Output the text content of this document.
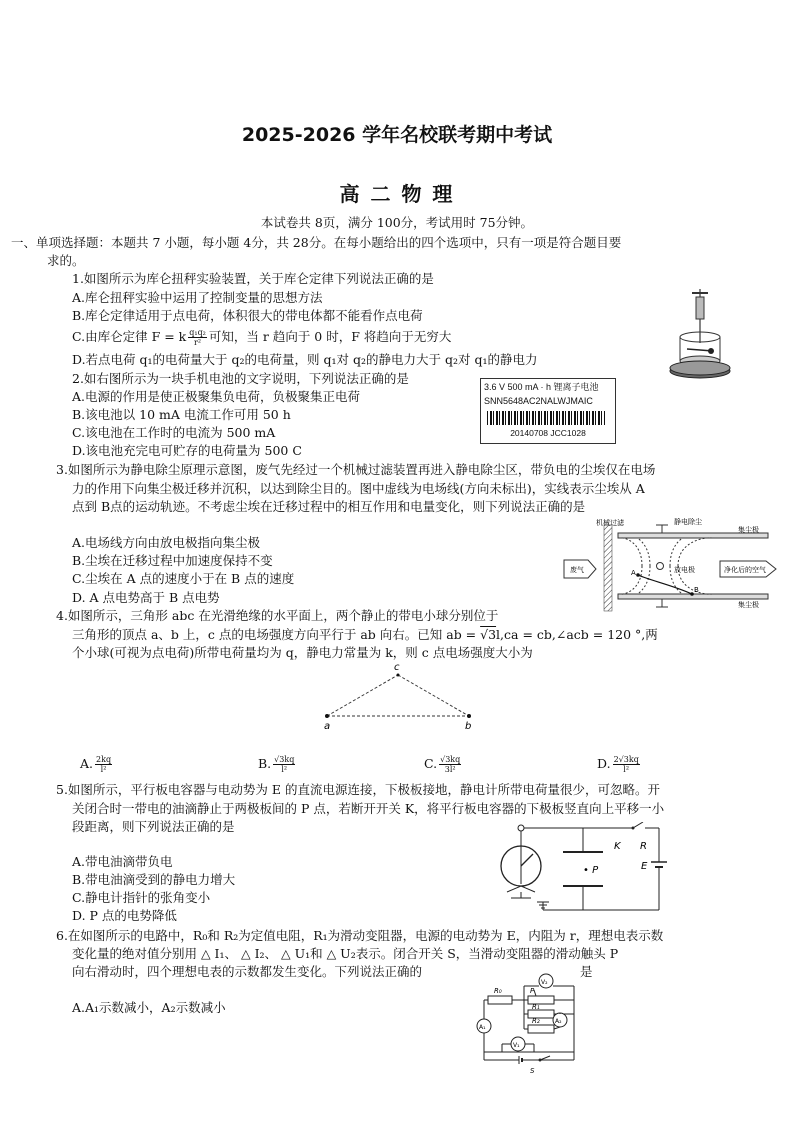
2025-2026 学年名校联考期中考试
高 二 物 理
本试卷共 8页，满分 100分，考试用时 75分钟。
一、单项选择题：本题共 7 小题，每小题 4分，共 28分。在每小题给出的四个选项中，只有一项是符合题目要
求的。
1.如图所示为库仑扭秤实验装置，关于库仑定律下列说法正确的是
A.库仑扭秤实验中运用了控制变量的思想方法
B.库仑定律适用于点电荷，体积很大的带电体都不能看作点电荷
C.由库仑定律 F = k $\frac{\text{q₁q₂}}{\text{r²}}$ 可知，当 r 趋向于 0 时，F 将趋向于无穷大
D.若点电荷 q₁的电荷量大于 q₂的电荷量，则 q₁对 q₂的静电力大于 q₂对 q₁的静电力
2.如右图所示为一块手机电池的文字说明，下列说法正确的是
A.电源的作用是使正极聚集负电荷，负极聚集正电荷
B.该电池以 10 mA 电流工作可用 50 h
C.该电池在工作时的电流为 500 mA
D.该电池充完电可贮存的电荷量为 500 C
3.6 V 500 mA · h 锂离子电池
SNN5648AC2NALWJMAIC
20140708 JCC1028
3.如图所示为静电除尘原理示意图，废气先经过一个机械过滤装置再进入静电除尘区，带负电的尘埃仅在电场
力的作用下向集尘极迁移并沉积，以达到除尘目的。图中虚线为电场线(方向未标出)，实线表示尘埃从 A
点到 B点的运动轨迹。不考虑尘埃在迁移过程中的相互作用和电量变化，则下列说法正确的是
A.电场线方向由放电极指向集尘极
B.尘埃在迁移过程中加速度保持不变
C.尘埃在 A 点的速度小于在 B 点的速度
D. A 点电势高于 B 点电势
机械过滤	静电除尘
集尘极
集尘极
废气	放电极	净化后的空气
A
B
4.如图所示，三角形 abc 在光滑绝缘的水平面上，两个静止的带电小球分别位于
三角形的顶点 a、b 上，c 点的电场强度方向平行于 ab 向右。已知 ab = √3l,ca = cb,∠acb = 120 °,两
个小球(可视为点电荷)所带电荷量均为 q，静电力常量为 k，则 c 点电场强度大小为
c
a	b
A. $\frac{2kq}{\text{l²}}$	B. $\frac{√3kq}{\text{l²}}$	C. $\frac{√3kq}{\text{3l²}}$	D. $\frac{2√3kq}{\text{l²}}$
5.如图所示，平行板电容器与电动势为 E 的直流电源连接，下极板接地，静电计所带电荷量很少，可忽略。开
关闭合时一带电的油滴静止于两极板间的 P 点，若断开开关 K，将平行板电容器的下极板竖直向上平移一小
段距离，则下列说法正确的是
A.带电油滴带负电
B.带电油滴受到的静电力增大
C.静电计指针的张角变小
D. P 点的电势降低
K R
E
• P
6.在如图所示的电路中，R₀和 R₂为定值电阻，R₁为滑动变阻器，电源的电动势为 E，内阻为 r，理想电表示数
变化量的绝对值分别用 △ I₁、 △ I₂、 △ U₁和 △ U₂表示。闭合开关 S，当滑动变阻器的滑动触头 P
向右滑动时，四个理想电表的示数都发生变化。下列说法正确的	是
A.A₁示数减小，A₂示数减小
R₀	P
R₁
R₂
A₁
A₂
V₂
V₁
S
